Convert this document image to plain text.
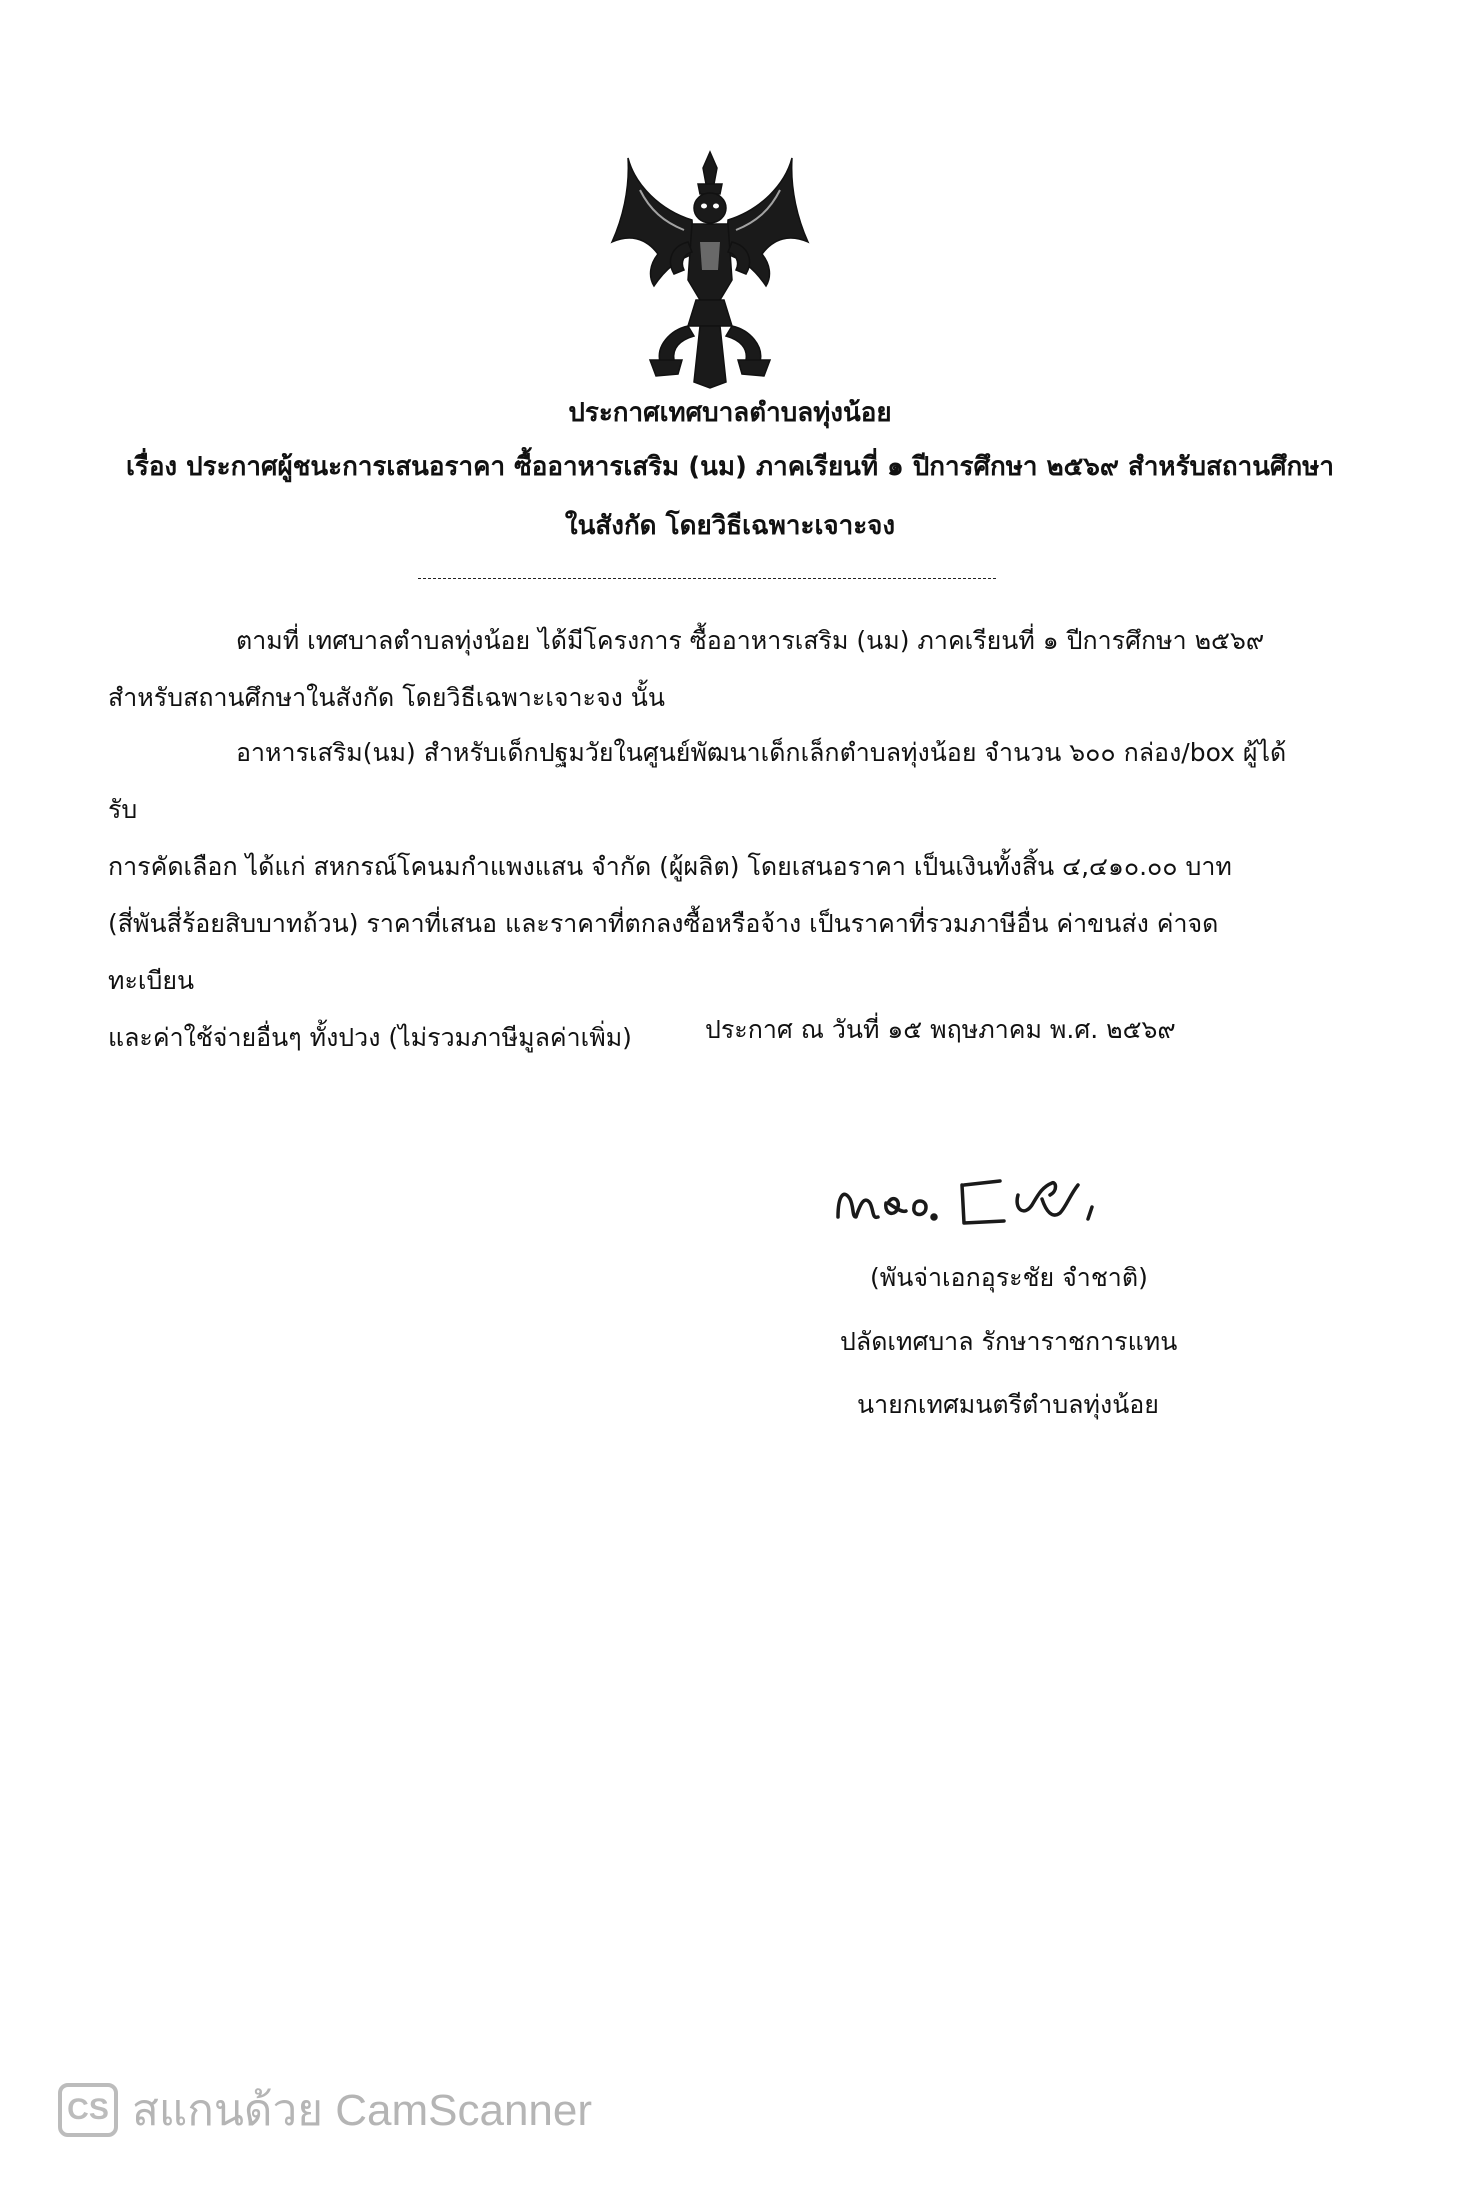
ประกาศเทศบาลตำบลทุ่งน้อย
เรื่อง ประกาศผู้ชนะการเสนอราคา ซื้ออาหารเสริม (นม) ภาคเรียนที่ ๑ ปีการศึกษา ๒๕๖๙ สำหรับสถานศึกษา
ในสังกัด โดยวิธีเฉพาะเจาะจง
ตามที่ เทศบาลตำบลทุ่งน้อย ได้มีโครงการ ซื้ออาหารเสริม (นม) ภาคเรียนที่ ๑ ปีการศึกษา ๒๕๖๙
สำหรับสถานศึกษาในสังกัด โดยวิธีเฉพาะเจาะจง นั้น
อาหารเสริม(นม) สำหรับเด็กปฐมวัยในศูนย์พัฒนาเด็กเล็กตำบลทุ่งน้อย จำนวน ๖๐๐ กล่อง/box ผู้ได้รับ
การคัดเลือก ได้แก่ สหกรณ์โคนมกำแพงแสน จำกัด (ผู้ผลิต) โดยเสนอราคา เป็นเงินทั้งสิ้น ๔,๔๑๐.๐๐ บาท
(สี่พันสี่ร้อยสิบบาทถ้วน) ราคาที่เสนอ และราคาที่ตกลงซื้อหรือจ้าง เป็นราคาที่รวมภาษีอื่น ค่าขนส่ง ค่าจดทะเบียน
และค่าใช้จ่ายอื่นๆ ทั้งปวง (ไม่รวมภาษีมูลค่าเพิ่ม)	ประกาศ ณ วันที่ ๑๕ พฤษภาคม พ.ศ. ๒๕๖๙
(พันจ่าเอกอุระชัย จำชาติ)
ปลัดเทศบาล รักษาราชการแทน
นายกเทศมนตรีตำบลทุ่งน้อย
CS สแกนด้วย CamScanner
